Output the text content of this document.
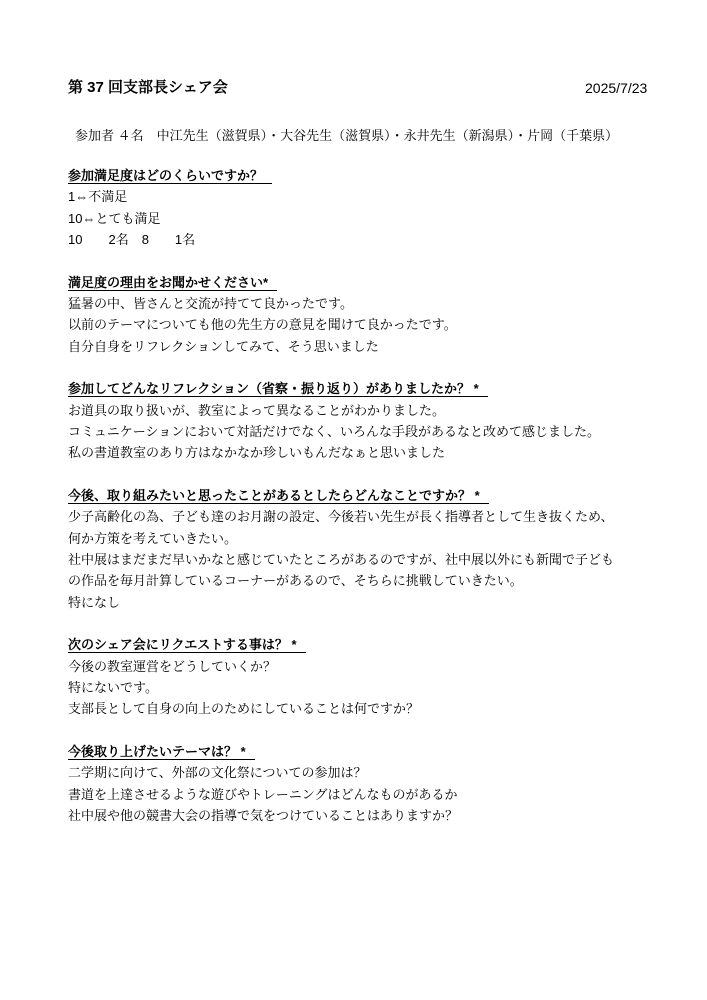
第 37 回支部長シェア会	2025/7/23
参加者 ４名　中江先生（滋賀県）・大谷先生（滋賀県）・永井先生（新潟県）・片岡（千葉県）
参加満足度はどのくらいですか？
1⇔不満足
10⇔とても満足
10　　2名　8　　1名
満足度の理由をお聞かせください*
猛暑の中、皆さんと交流が持てて良かったです。
以前のテーマについても他の先生方の意見を聞けて良かったです。
自分自身をリフレクションしてみて、そう思いました
参加してどんなリフレクション（省察・振り返り）がありましたか？ *
お道具の取り扱いが、教室によって異なることがわかりました。
コミュニケーションにおいて対話だけでなく、いろんな手段があるなと改めて感じました。
私の書道教室のあり方はなかなか珍しいもんだなぁと思いました
今後、取り組みたいと思ったことがあるとしたらどんなことですか？ *
少子高齢化の為、子ども達のお月謝の設定、今後若い先生が長く指導者として生き抜くため、
何か方策を考えていきたい。
社中展はまだまだ早いかなと感じていたところがあるのですが、社中展以外にも新聞で子ども
の作品を毎月計算しているコーナーがあるので、そちらに挑戦していきたい。
特になし
次のシェア会にリクエストする事は？ *
今後の教室運営をどうしていくか？
特にないです。
支部長として自身の向上のためにしていることは何ですか？
今後取り上げたいテーマは？ *
二学期に向けて、外部の文化祭についての参加は？
書道を上達させるような遊びやトレーニングはどんなものがあるか
社中展や他の競書大会の指導で気をつけていることはありますか？
